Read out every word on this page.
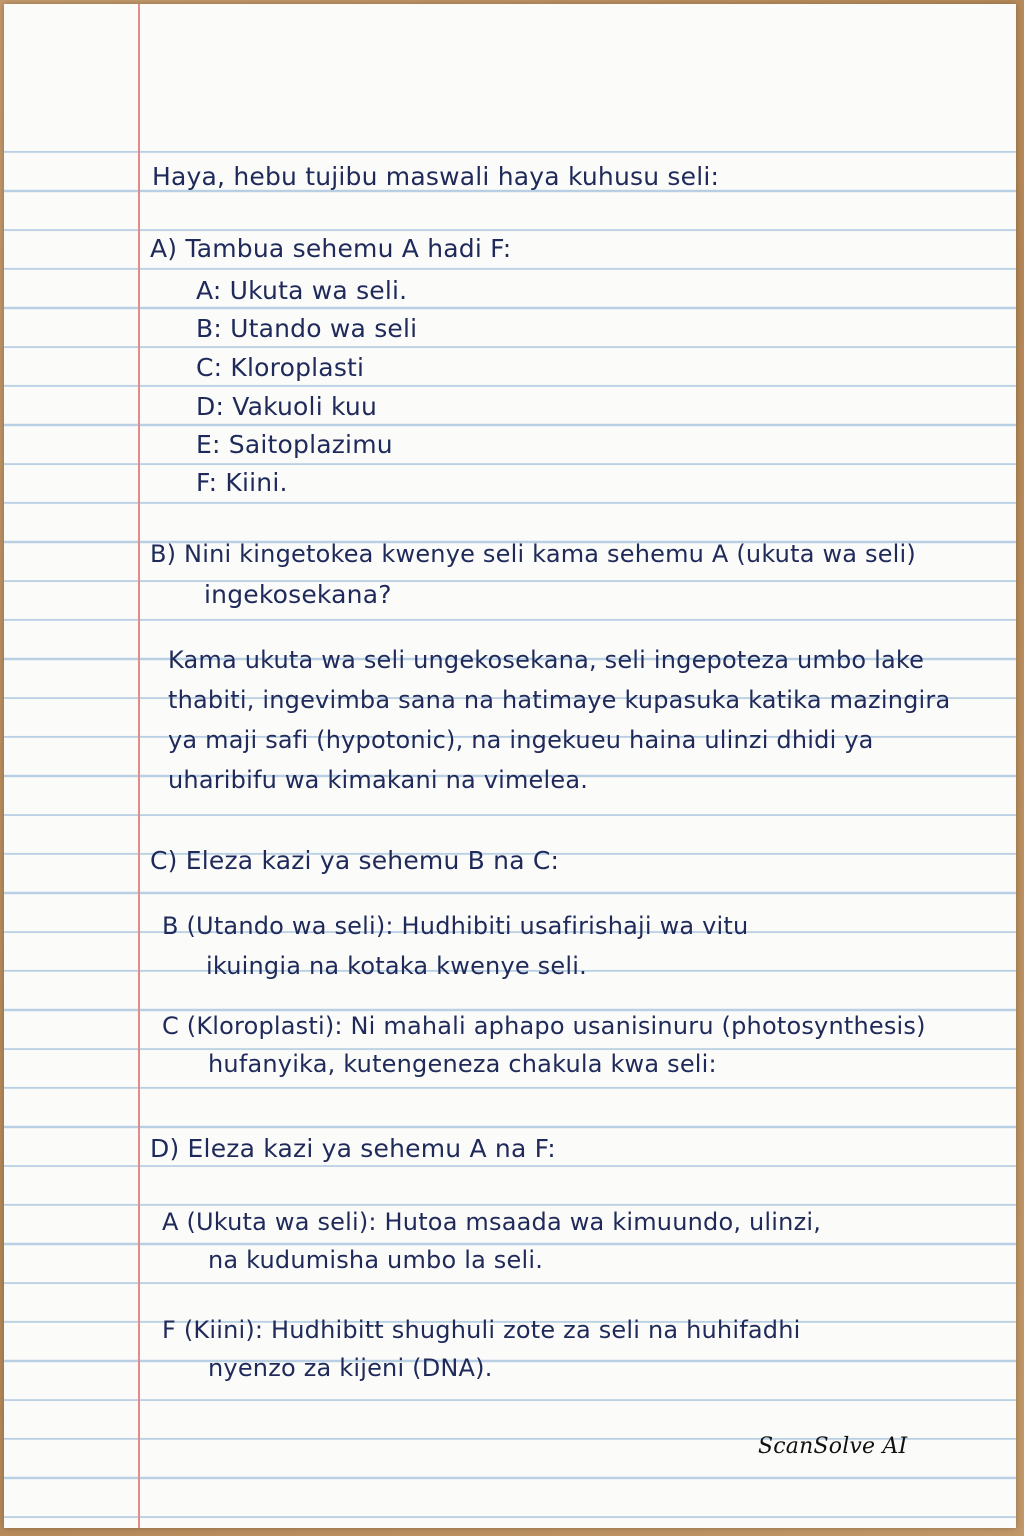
Haya, hebu tujibu maswali haya kuhusu seli:
A) Tambua sehemu A hadi F:
A: Ukuta wa seli.
B: Utando wa seli
C: Kloroplasti
D: Vakuoli kuu
E: Saitoplazimu
F: Kiini.
B) Nini kingetokea kwenye seli kama sehemu A (ukuta wa seli)
ingekosekana?
Kama ukuta wa seli ungekosekana, seli ingepoteza umbo lake
thabiti, ingevimba sana na hatimaye kupasuka katika mazingira
ya maji safi (hypotonic), na ingekueu haina ulinzi dhidi ya
uharibifu wa kimakani na vimelea.
C) Eleza kazi ya sehemu B na C:
B (Utando wa seli): Hudhibiti usafirishaji wa vitu
ikuingia na kotaka kwenye seli.
C (Kloroplasti): Ni mahali aphapo usanisinuru (photosynthesis)
hufanyika, kutengeneza chakula kwa seli:
D) Eleza kazi ya sehemu A na F:
A (Ukuta wa seli): Hutoa msaada wa kimuundo, ulinzi,
na kudumisha umbo la seli.
F (Kiini): Hudhibitt shughuli zote za seli na huhifadhi
nyenzo za kijeni (DNA).
ScanSolve AI
